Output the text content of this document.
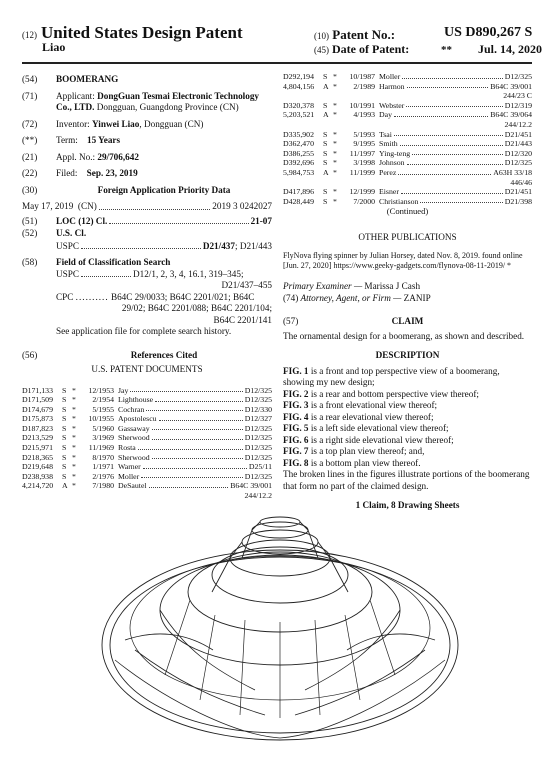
(12) United States Design Patent
Liao
(10) Patent No.:	US D890,267 S
(45) Date of Patent:	** Jul. 14, 2020
(54)	BOOMERANG
(71)	Applicant: DongGuan Tesmai Electronic Technology Co., LTD. Dongguan, Guangdong Province (CN)
(72)	Inventor: Yinwei Liao, Dongguan (CN)
(**)	Term: 15 Years
(21)	Appl. No.: 29/706,642
(22)	Filed: Sep. 23, 2019
(30)	Foreign Application Priority Data
May 17, 2019
(CN)	2019 3 0242027
(51)	LOC (12) Cl.	21-07
(52)	U.S. Cl.
USPC	D21/437; D21/443
(58)	Field of Classification Search
USPC	D12/1, 2, 3, 4, 16.1, 319–345;
D21/437–455
CPC .......... B64C 29/0033; B64C 2201/021; B64C
29/02; B64C 2201/088; B64C 2201/104;
B64C 2201/141
See application file for complete search history.
(56)	References Cited
U.S. PATENT DOCUMENTS
D171,133	S *	12/1953 Jay	D12/325
D171,509	S *	2/1954 Lighthouse	D12/325
D174,679	S *	5/1955 Cochran	D12/330
D175,873	S *	10/1955 Apostolescu	D12/327
D187,823	S *	5/1960 Gassaway	D12/325
D213,529	S *	3/1969 Sherwood	D12/325
D215,971	S *	11/1969 Rosta	D12/325
D218,365	S *	8/1970 Sherwood	D12/325
D219,648	S *	1/1971 Warner	D25/11
D238,938	S *	2/1976 Moller	D12/325
4,214,720	A *	7/1980 DeSautel	B64C 39/001
244/12.2
D292,194	S *	10/1987 Moller	D12/325
4,804,156	A *	2/1989 Harmon	B64C 39/001
244/23 C
D320,378	S *	10/1991 Webster	D12/319
5,203,521	A *	4/1993 Day	B64C 39/064
244/12.2
D335,902	S *	5/1993 Tsai	D21/451
D362,470	S *	9/1995 Smith	D21/443
D386,255	S *	11/1997 Ying-teng	D12/320
D392,696	S *	3/1998 Johnson	D12/325
5,984,753	A *	11/1999 Perez	A63H 33/18
446/46
D417,896	S *	12/1999 Eisner	D21/451
D428,449	S *	7/2000 Christianson	D21/398
(Continued)
OTHER PUBLICATIONS
FlyNova flying spinner by Julian Horsey, dated Nov. 8, 2019. found online [Jun. 27, 2020] https://www.geeky-gadgets.com/flynova-08-11-2019/ *
Primary Examiner — Marissa J Cash
(74) Attorney, Agent, or Firm — ZANIP
(57)	CLAIM
The ornamental design for a boomerang, as shown and described.
DESCRIPTION

FIG. 1 is a front and top perspective view of a boomerang, showing my new design;

FIG. 2 is a rear and bottom perspective view thereof;

FIG. 3 is a front elevational view thereof;

FIG. 4 is a rear elevational view thereof;

FIG. 5 is a left side elevational view thereof;

FIG. 6 is a right side elevational view thereof;

FIG. 7 is a top plan view thereof; and,

FIG. 8 is a bottom plan view thereof.

The broken lines in the figures illustrate portions of the boomerang that form no part of the claimed design.
1 Claim, 8 Drawing Sheets
